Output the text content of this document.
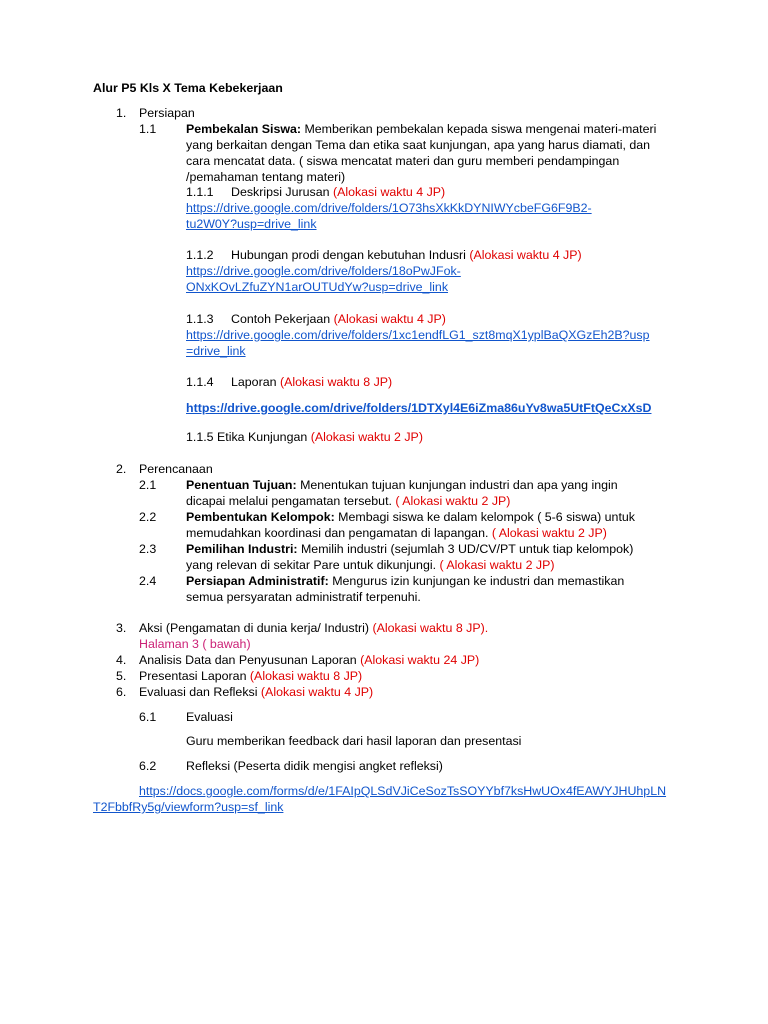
Alur P5 Kls X Tema Kebekerjaan
1. Persiapan
1.1 Pembekalan Siswa: Memberikan pembekalan kepada siswa mengenai materi-materi
yang berkaitan dengan Tema dan etika saat kunjungan, apa yang harus diamati, dan
cara mencatat data. ( siswa mencatat materi dan guru memberi pendampingan
/pemahaman tentang materi)
1.1.1 Deskripsi Jurusan (Alokasi waktu 4 JP)
https://drive.google.com/drive/folders/1O73hsXkKkDYNIWYcbeFG6F9B2-
tu2W0Y?usp=drive_link
1.1.2 Hubungan prodi dengan kebutuhan Indusri (Alokasi waktu 4 JP)
https://drive.google.com/drive/folders/18oPwJFok-
ONxKOvLZfuZYN1arOUTUdYw?usp=drive_link
1.1.3 Contoh Pekerjaan (Alokasi waktu 4 JP)
https://drive.google.com/drive/folders/1xc1endfLG1_szt8mqX1yplBaQXGzEh2B?usp
=drive_link
1.1.4 Laporan (Alokasi waktu 8 JP)
https://drive.google.com/drive/folders/1DTXyl4E6iZma86uYv8wa5UtFtQeCxXsD
1.1.5 Etika Kunjungan (Alokasi waktu 2 JP)
2. Perencanaan
2.1 Penentuan Tujuan: Menentukan tujuan kunjungan industri dan apa yang ingin
dicapai melalui pengamatan tersebut. ( Alokasi waktu 2 JP)
2.2 Pembentukan Kelompok: Membagi siswa ke dalam kelompok ( 5-6 siswa) untuk
memudahkan koordinasi dan pengamatan di lapangan. ( Alokasi waktu 2 JP)
2.3 Pemilihan Industri: Memilih industri (sejumlah 3 UD/CV/PT untuk tiap kelompok)
yang relevan di sekitar Pare untuk dikunjungi. ( Alokasi waktu 2 JP)
2.4 Persiapan Administratif: Mengurus izin kunjungan ke industri dan memastikan
semua persyaratan administratif terpenuhi.
3. Aksi (Pengamatan di dunia kerja/ Industri) (Alokasi waktu 8 JP).
Halaman 3 ( bawah)
4. Analisis Data dan Penyusunan Laporan (Alokasi waktu 24 JP)
5. Presentasi Laporan (Alokasi waktu 8 JP)
6. Evaluasi dan Refleksi (Alokasi waktu 4 JP)
6.1 Evaluasi
Guru memberikan feedback dari hasil laporan dan presentasi
6.2 Refleksi (Peserta didik mengisi angket refleksi)
https://docs.google.com/forms/d/e/1FAIpQLSdVJiCeSozTsSOYYbf7ksHwUOx4fEAWYJHUhpLN
T2FbbfRy5g/viewform?usp=sf_link
